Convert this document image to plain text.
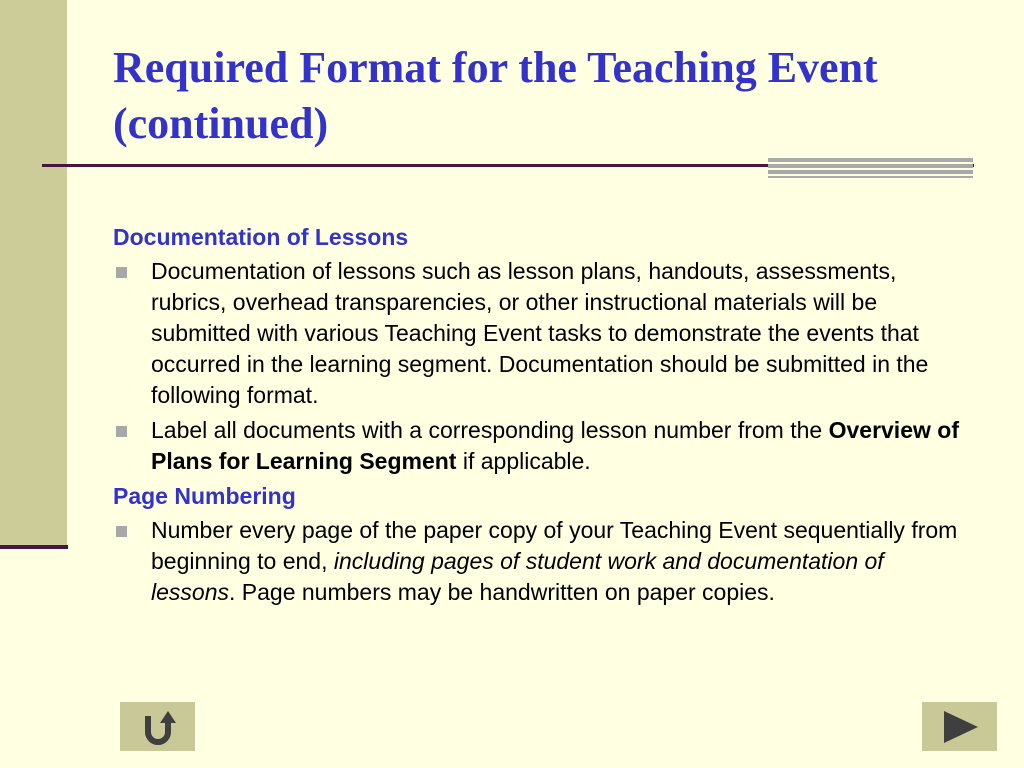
Required Format for the Teaching Event
(continued)
Documentation of Lessons
Documentation of lessons such as lesson plans, handouts, assessments, rubrics, overhead transparencies, or other instructional materials will be submitted with various Teaching Event tasks to demonstrate the events that occurred in the learning segment. Documentation should be submitted in the following format.
Label all documents with a corresponding lesson number from the Overview of Plans for Learning Segment if applicable.
Page Numbering
Number every page of the paper copy of your Teaching Event sequentially from beginning to end, including pages of student work and documentation of lessons. Page numbers may be handwritten on paper copies.
